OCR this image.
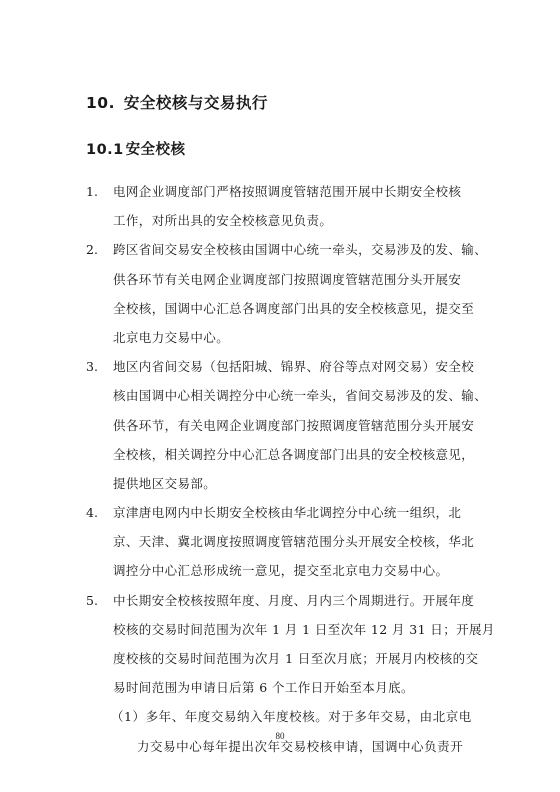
10. 安全校核与交易执行
10.1 安全校核
1. 电网企业调度部门严格按照调度管辖范围开展中长期安全校核
工作，对所出具的安全校核意见负责。
2. 跨区省间交易安全校核由国调中心统一牵头，交易涉及的发、输、
供各环节有关电网企业调度部门按照调度管辖范围分头开展安
全校核，国调中心汇总各调度部门出具的安全校核意见，提交至
北京电力交易中心。
3. 地区内省间交易（包括阳城、锦界、府谷等点对网交易）安全校
核由国调中心相关调控分中心统一牵头，省间交易涉及的发、输、
供各环节，有关电网企业调度部门按照调度管辖范围分头开展安
全校核，相关调控分中心汇总各调度部门出具的安全校核意见，
提供地区交易部。
4. 京津唐电网内中长期安全校核由华北调控分中心统一组织，北
京、天津、冀北调度按照调度管辖范围分头开展安全校核，华北
调控分中心汇总形成统一意见，提交至北京电力交易中心。
5. 中长期安全校核按照年度、月度、月内三个周期进行。开展年度
校核的交易时间范围为次年 1 月 1 日至次年 12 月 31 日；开展月
度校核的交易时间范围为次月 1 日至次月底；开展月内校核的交
易时间范围为申请日后第 6 个工作日开始至本月底。
（1）多年、年度交易纳入年度校核。对于多年交易，由北京电
力交易中心每年提出次年交易校核申请，国调中心负责开
80
